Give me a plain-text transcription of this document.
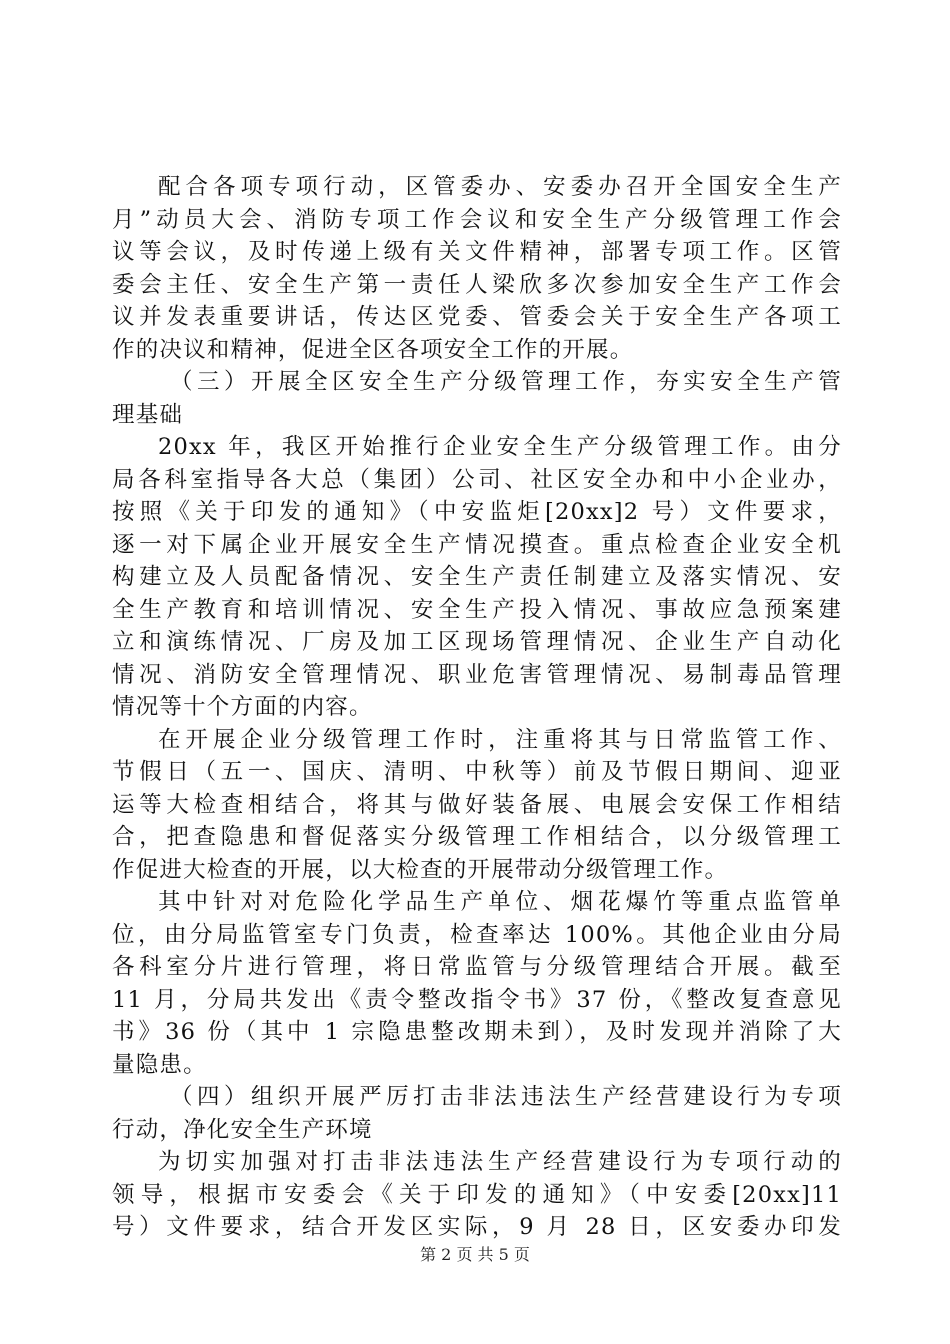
配合各项专项行动，区管委办、安委办召开全国安全生产
月”动员大会、消防专项工作会议和安全生产分级管理工作会
议等会议，及时传递上级有关文件精神，部署专项工作。区管
委会主任、安全生产第一责任人梁欣多次参加安全生产工作会
议并发表重要讲话，传达区党委、管委会关于安全生产各项工
作的决议和精神，促进全区各项安全工作的开展。
（三）开展全区安全生产分级管理工作，夯实安全生产管
理基础
20xx 年，我区开始推行企业安全生产分级管理工作。由分
局各科室指导各大总（集团）公司、社区安全办和中小企业办，
按照《关于印发的通知》（中安监炬[20xx]2 号）文件要求，
逐一对下属企业开展安全生产情况摸查。重点检查企业安全机
构建立及人员配备情况、安全生产责任制建立及落实情况、安
全生产教育和培训情况、安全生产投入情况、事故应急预案建
立和演练情况、厂房及加工区现场管理情况、企业生产自动化
情况、消防安全管理情况、职业危害管理情况、易制毒品管理
情况等十个方面的内容。
在开展企业分级管理工作时，注重将其与日常监管工作、
节假日（五一、国庆、清明、中秋等）前及节假日期间、迎亚
运等大检查相结合，将其与做好装备展、电展会安保工作相结
合，把查隐患和督促落实分级管理工作相结合，以分级管理工
作促进大检查的开展，以大检查的开展带动分级管理工作。
其中针对对危险化学品生产单位、烟花爆竹等重点监管单
位，由分局监管室专门负责，检查率达 100%。其他企业由分局
各科室分片进行管理，将日常监管与分级管理结合开展。截至
11 月，分局共发出《责令整改指令书》37 份，《整改复查意见
书》36 份（其中 1 宗隐患整改期未到），及时发现并消除了大
量隐患。
（四）组织开展严厉打击非法违法生产经营建设行为专项
行动，净化安全生产环境
为切实加强对打击非法违法生产经营建设行为专项行动的
领导，根据市安委会《关于印发的通知》（中安委[20xx]11
号）文件要求，结合开发区实际，9 月 28 日，区安委办印发
第 2 页 共 5 页
